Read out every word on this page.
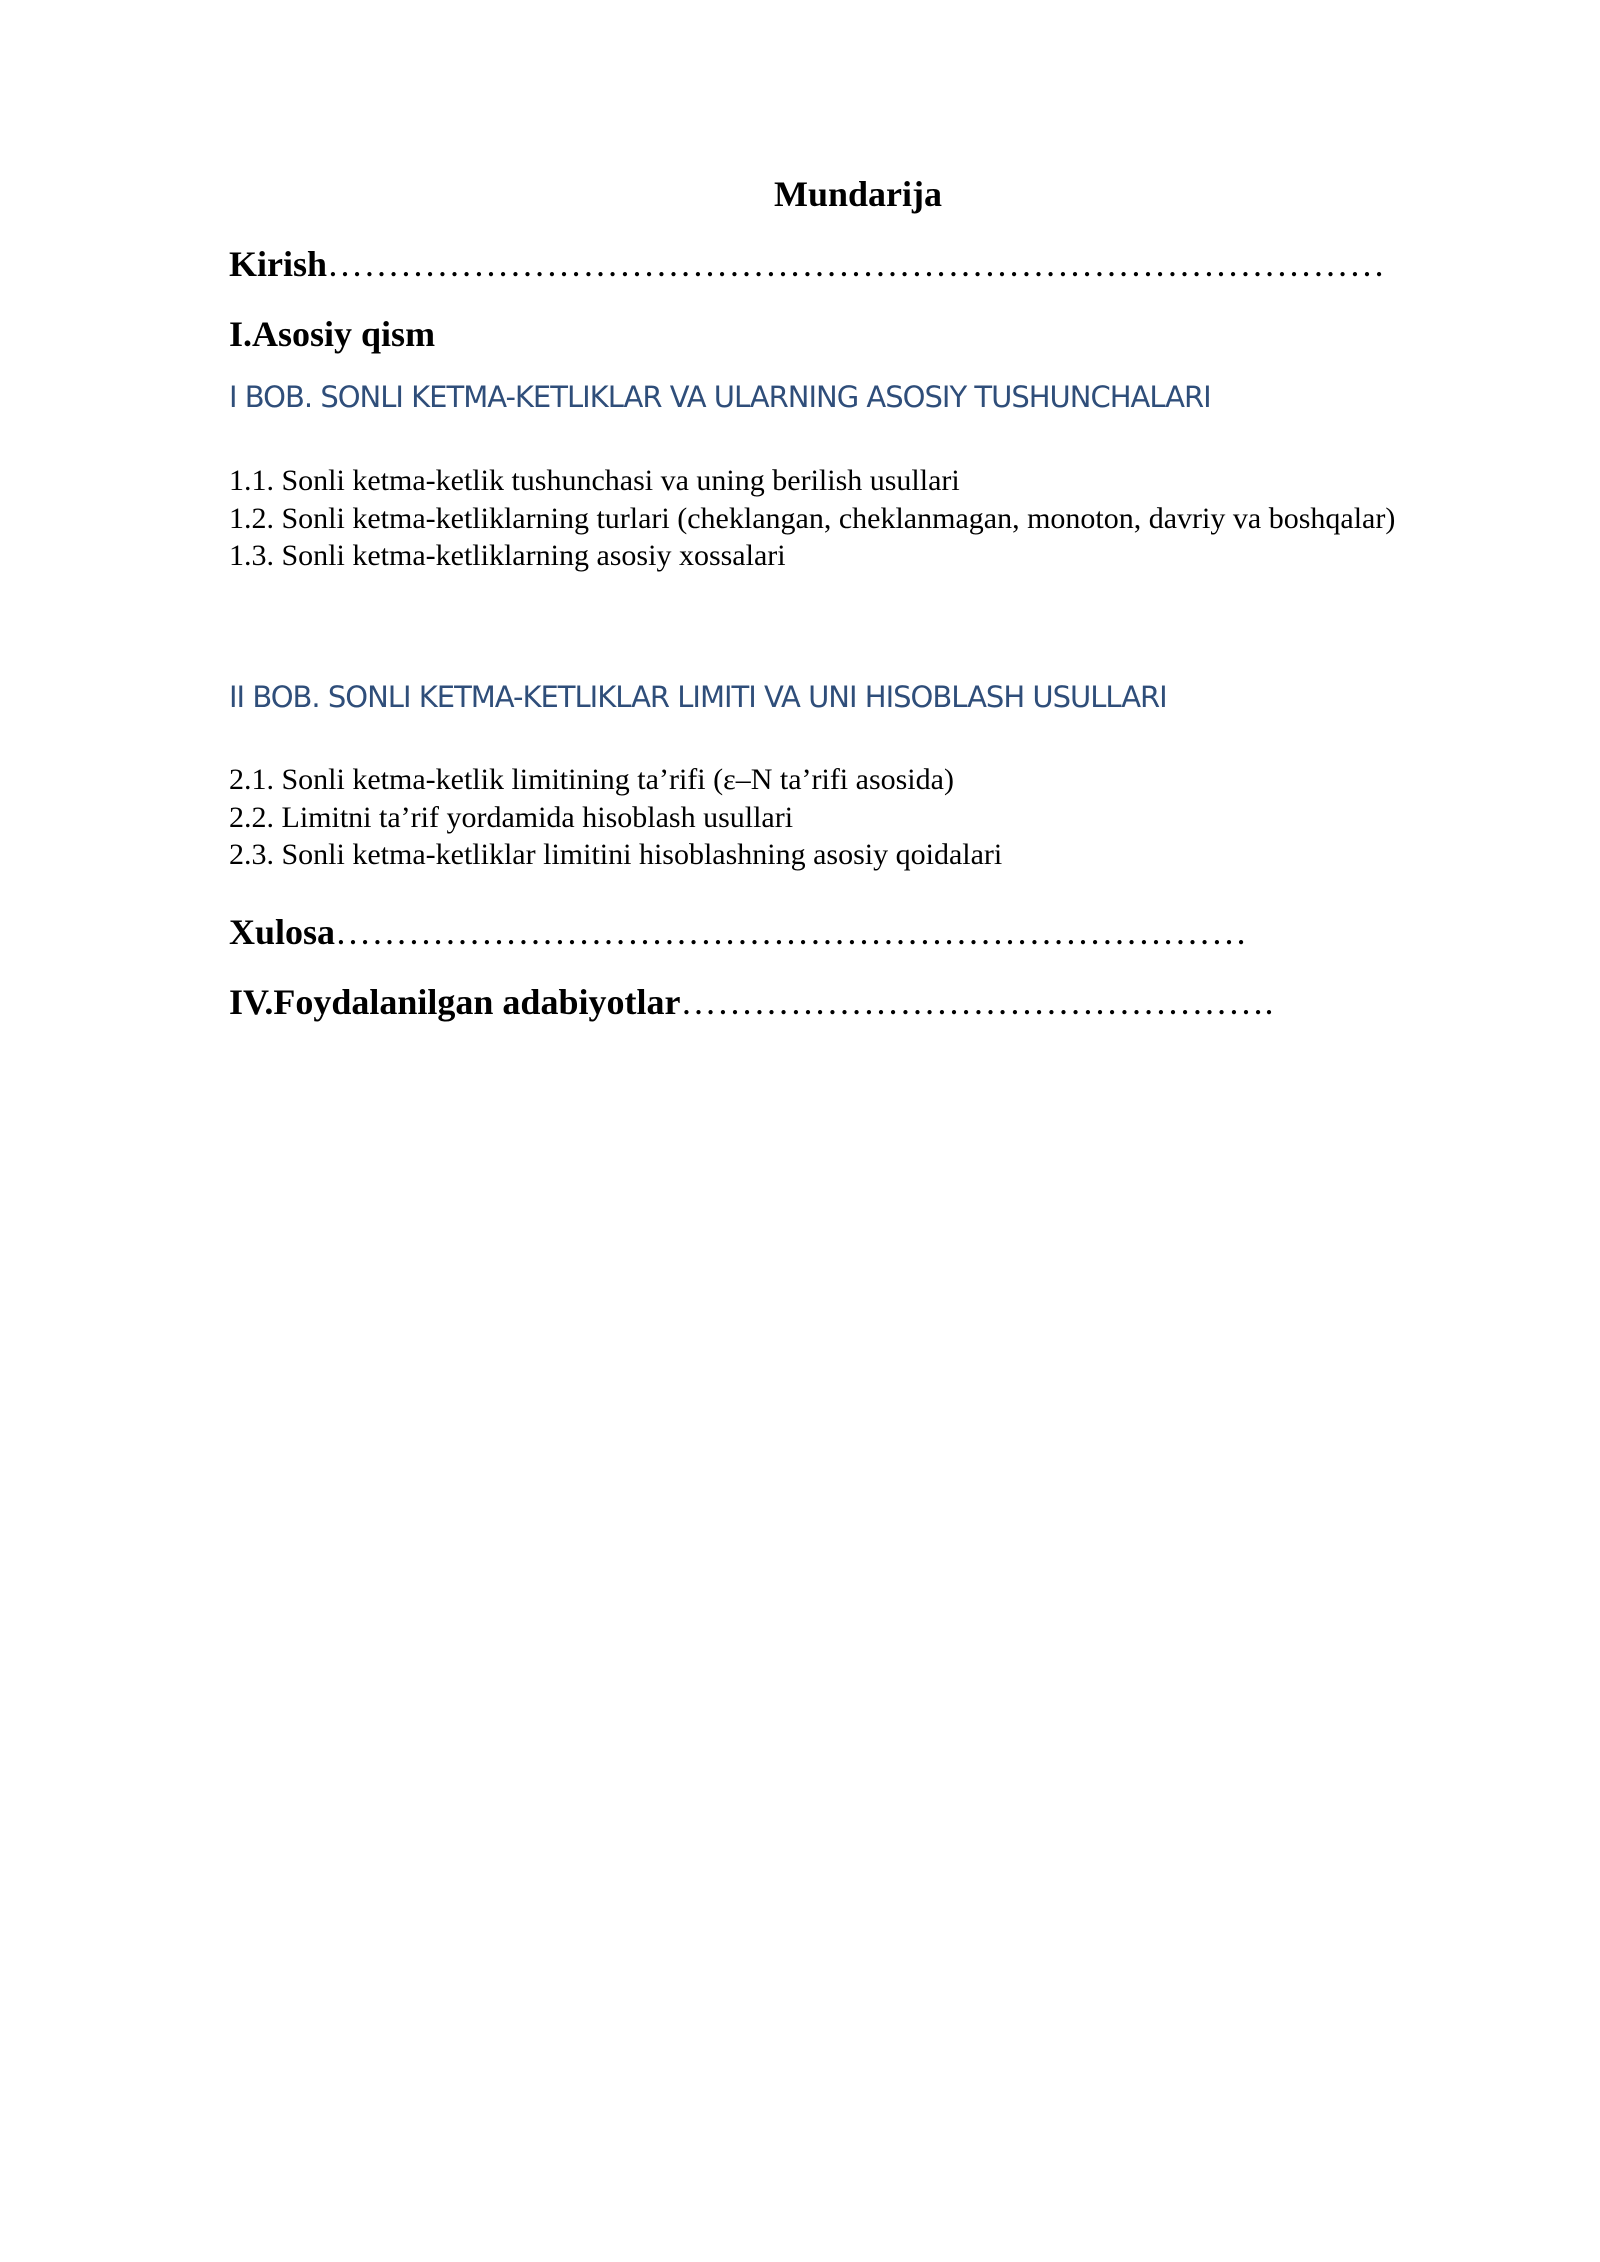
Mundarija
Kirish……………………………………………………………………………
I.Asosiy qism
I BOB. SONLI KETMA-KETLIKLAR VA ULARNING ASOSIY TUSHUNCHALARI
1.1. Sonli ketma-ketlik tushunchasi va uning berilish usullari
1.2. Sonli ketma-ketliklarning turlari (cheklangan, cheklanmagan, monoton, davriy va boshqalar)
1.3. Sonli ketma-ketliklarning asosiy xossalari
II BOB. SONLI KETMA-KETLIKLAR LIMITI VA UNI HISOBLASH USULLARI
2.1. Sonli ketma-ketlik limitining ta’rifi (ε–N ta’rifi asosida)
2.2. Limitni ta’rif yordamida hisoblash usullari
2.3. Sonli ketma-ketliklar limitini hisoblashning asosiy qoidalari
Xulosa…………………………………………………………………
IV.Foydalanilgan adabiyotlar………………………………………….
